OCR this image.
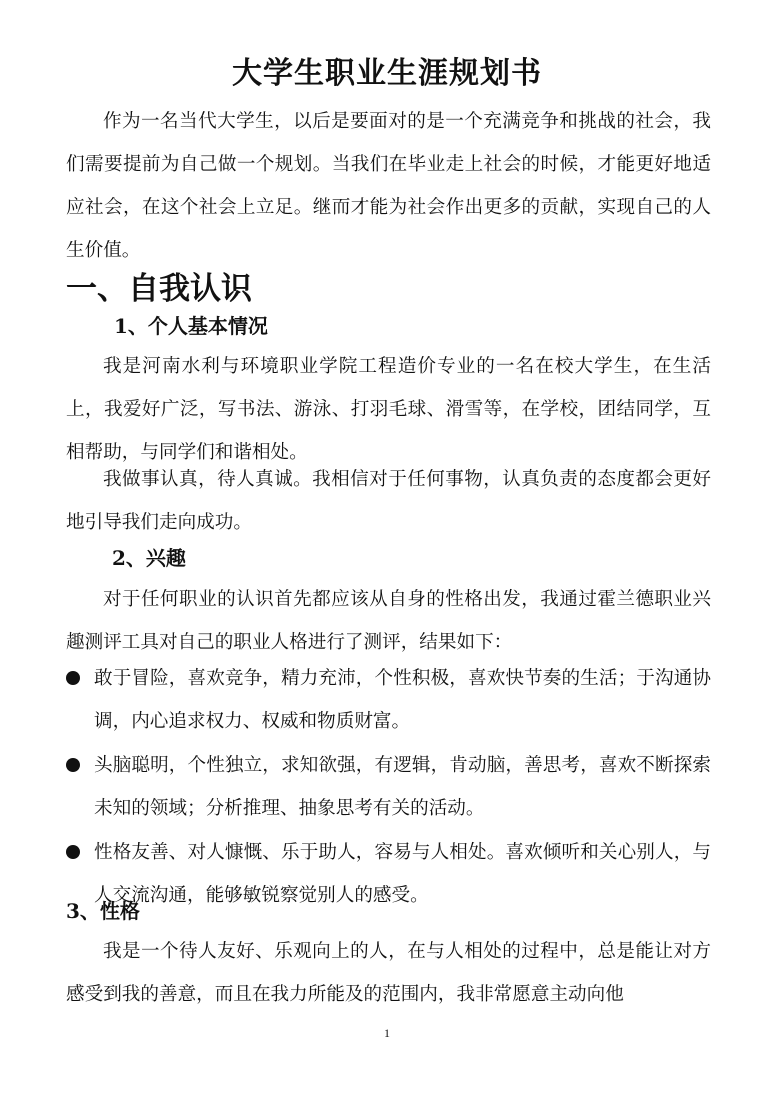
大学生职业生涯规划书

作为一名当代大学生，以后是要面对的是一个充满竞争和挑战的社会，我们需要提前为自己做一个规划。当我们在毕业走上社会的时候，才能更好地适应社会，在这个社会上立足。继而才能为社会作出更多的贡献，实现自己的人生价值。

一、自我认识
1、个人基本情况

我是河南水利与环境职业学院工程造价专业的一名在校大学生，在生活上，我爱好广泛，写书法、游泳、打羽毛球、滑雪等，在学校，团结同学，互相帮助，与同学们和谐相处。

我做事认真，待人真诚。我相信对于任何事物，认真负责的态度都会更好地引导我们走向成功。

2、兴趣

对于任何职业的认识首先都应该从自身的性格出发，我通过霍兰德职业兴趣测评工具对自己的职业人格进行了测评，结果如下：

敢于冒险，喜欢竞争，精力充沛，个性积极，喜欢快节奏的生活；于沟通协调，内心追求权力、权威和物质财富。
头脑聪明，个性独立，求知欲强，有逻辑，肯动脑，善思考，喜欢不断探索未知的领域；分析推理、抽象思考有关的活动。
性格友善、对人慷慨、乐于助人，容易与人相处。喜欢倾听和关心别人，与人交流沟通，能够敏锐察觉别人的感受。
3、性格

我是一个待人友好、乐观向上的人，在与人相处的过程中，总是能让对方感受到我的善意，而且在我力所能及的范围内，我非常愿意主动向他

1
